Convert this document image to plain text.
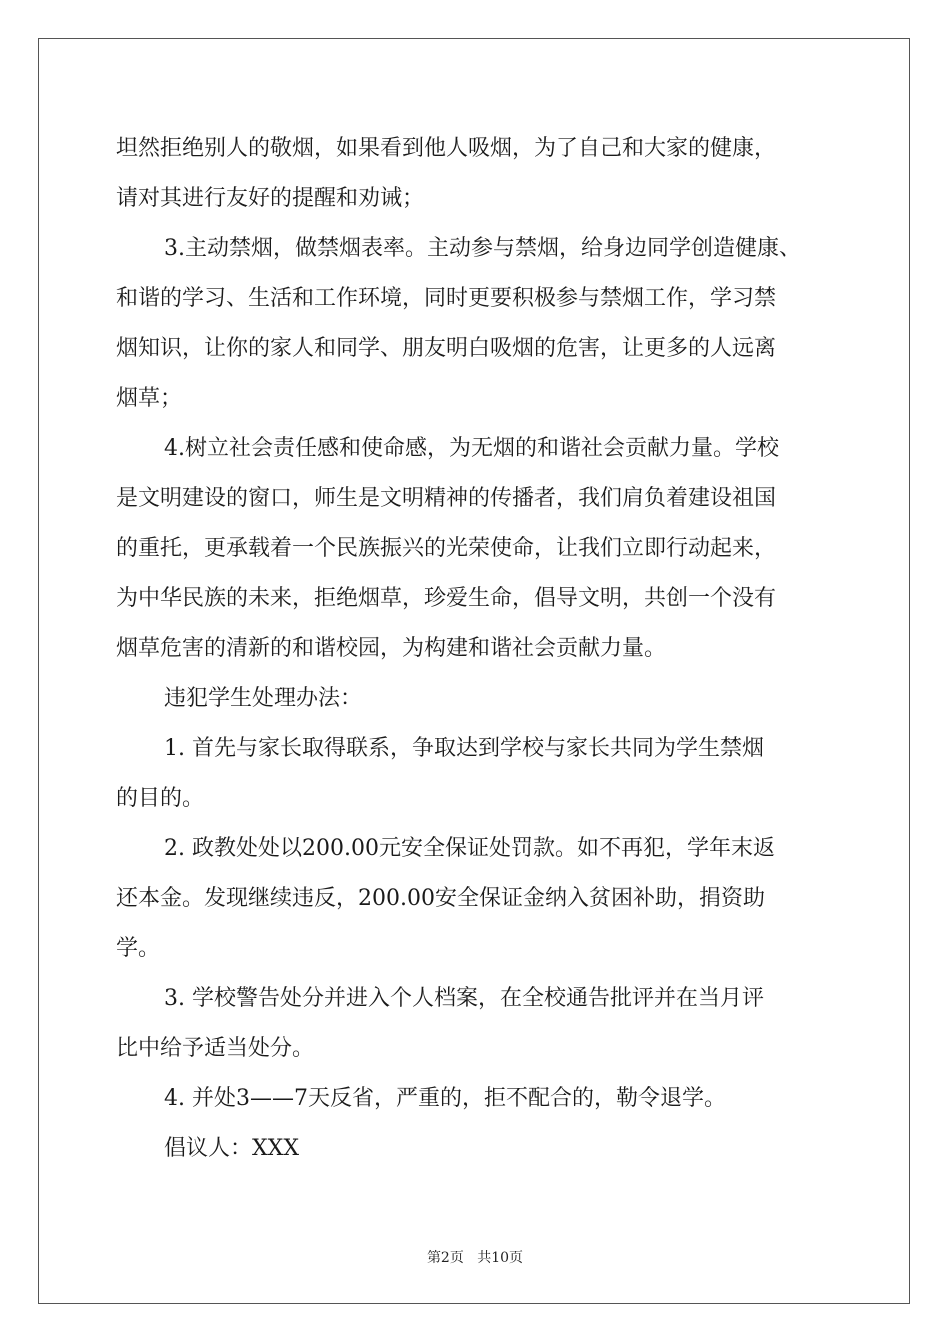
坦然拒绝别人的敬烟，如果看到他人吸烟，为了自己和大家的健康，
请对其进行友好的提醒和劝诫；
3.主动禁烟，做禁烟表率。主动参与禁烟，给身边同学创造健康、
和谐的学习、生活和工作环境，同时更要积极参与禁烟工作，学习禁
烟知识，让你的家人和同学、朋友明白吸烟的危害，让更多的人远离
烟草；
4.树立社会责任感和使命感，为无烟的和谐社会贡献力量。学校
是文明建设的窗口，师生是文明精神的传播者，我们肩负着建设祖国
的重托，更承载着一个民族振兴的光荣使命，让我们立即行动起来，
为中华民族的未来，拒绝烟草，珍爱生命，倡导文明，共创一个没有
烟草危害的清新的和谐校园，为构建和谐社会贡献力量。
违犯学生处理办法：
1. 首先与家长取得联系，争取达到学校与家长共同为学生禁烟
的目的。
2. 政教处处以200.00元安全保证处罚款。如不再犯，学年末返
还本金。发现继续违反，200.00安全保证金纳入贫困补助，捐资助
学。
3. 学校警告处分并进入个人档案，在全校通告批评并在当月评
比中给予适当处分。
4. 并处3——7天反省，严重的，拒不配合的，勒令退学。
倡议人：XXX
第2页 共10页
